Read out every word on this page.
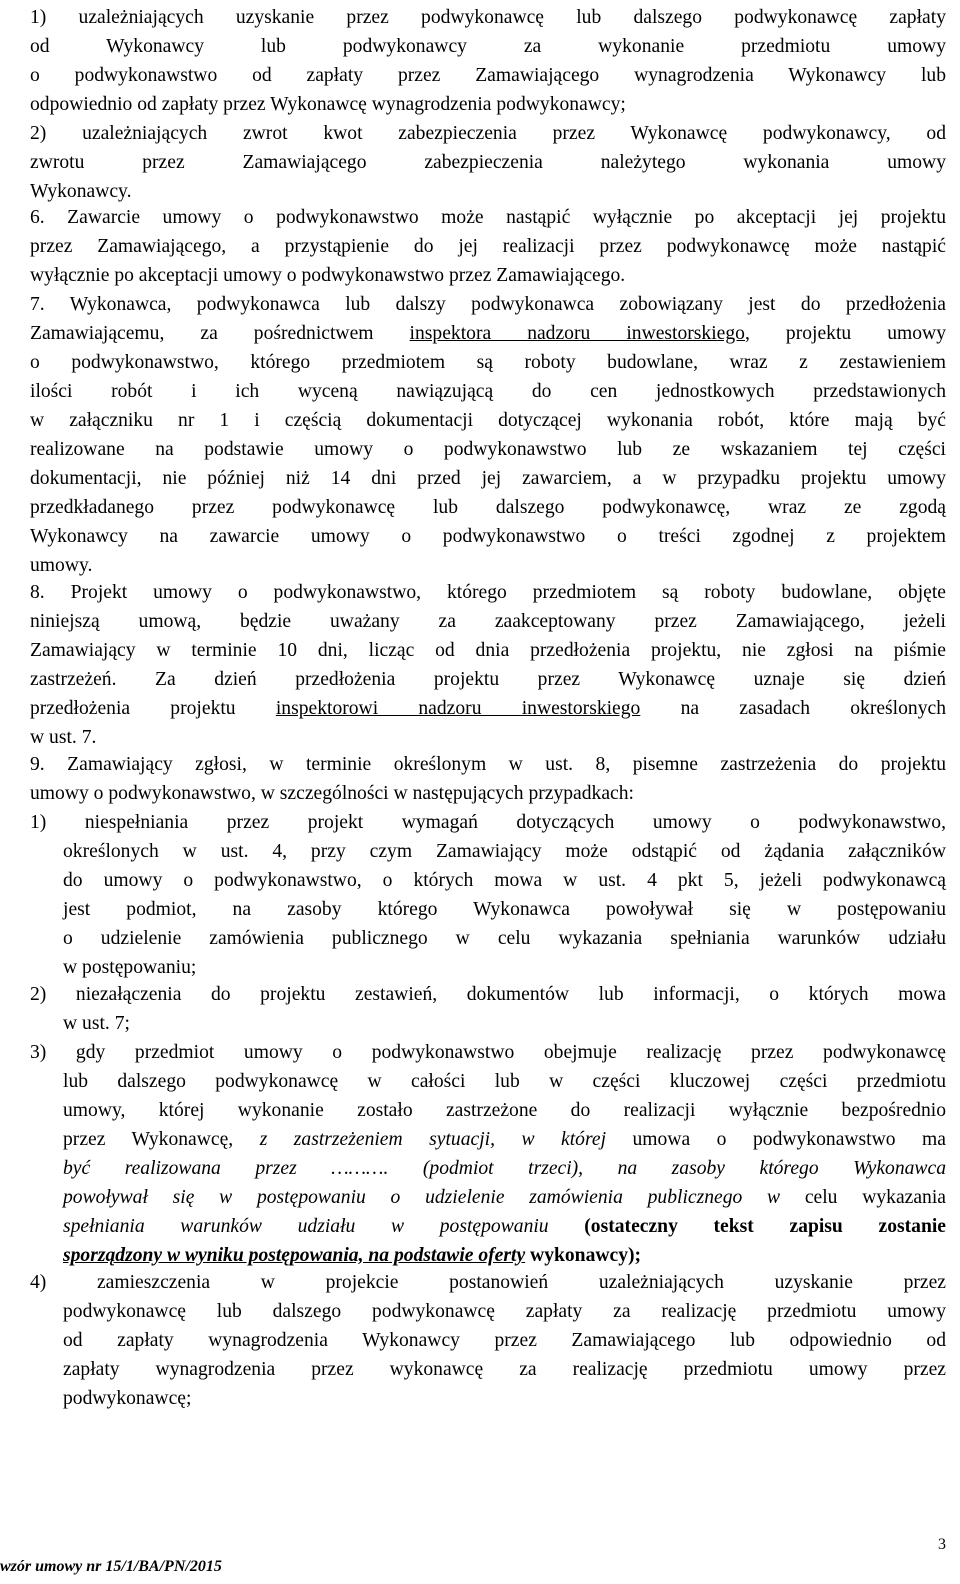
1) uzależniających uzyskanie przez podwykonawcę lub dalszego podwykonawcę zapłaty
od Wykonawcy lub podwykonawcy za wykonanie przedmiotu umowy
o podwykonawstwo od zapłaty przez Zamawiającego wynagrodzenia Wykonawcy lub
odpowiednio od zapłaty przez Wykonawcę wynagrodzenia podwykonawcy;
2) uzależniających zwrot kwot zabezpieczenia przez Wykonawcę podwykonawcy, od
zwrotu przez Zamawiającego zabezpieczenia należytego wykonania umowy
Wykonawcy.
6. Zawarcie umowy o podwykonawstwo może nastąpić wyłącznie po akceptacji jej projektu
przez Zamawiającego, a przystąpienie do jej realizacji przez podwykonawcę może nastąpić
wyłącznie po akceptacji umowy o podwykonawstwo przez Zamawiającego.
7. Wykonawca, podwykonawca lub dalszy podwykonawca zobowiązany jest do przedłożenia
Zamawiającemu, za pośrednictwem inspektora nadzoru inwestorskiego, projektu umowy
o podwykonawstwo, którego przedmiotem są roboty budowlane, wraz z zestawieniem
ilości robót i ich wyceną nawiązującą do cen jednostkowych przedstawionych
w załączniku nr 1 i częścią dokumentacji dotyczącej wykonania robót, które mają być
realizowane na podstawie umowy o podwykonawstwo lub ze wskazaniem tej części
dokumentacji, nie później niż 14 dni przed jej zawarciem, a w przypadku projektu umowy
przedkładanego przez podwykonawcę lub dalszego podwykonawcę, wraz ze zgodą
Wykonawcy na zawarcie umowy o podwykonawstwo o treści zgodnej z projektem
umowy.
8. Projekt umowy o podwykonawstwo, którego przedmiotem są roboty budowlane, objęte
niniejszą umową, będzie uważany za zaakceptowany przez Zamawiającego, jeżeli
Zamawiający w terminie 10 dni, licząc od dnia przedłożenia projektu, nie zgłosi na piśmie
zastrzeżeń. Za dzień przedłożenia projektu przez Wykonawcę uznaje się dzień
przedłożenia projektu inspektorowi nadzoru inwestorskiego na zasadach określonych
w ust. 7.
9. Zamawiający zgłosi, w terminie określonym w ust. 8, pisemne zastrzeżenia do projektu
umowy o podwykonawstwo, w szczególności w następujących przypadkach:
1) niespełniania przez projekt wymagań dotyczących umowy o podwykonawstwo,
określonych w ust. 4, przy czym Zamawiający może odstąpić od żądania załączników
do umowy o podwykonawstwo, o których mowa w ust. 4 pkt 5, jeżeli podwykonawcą
jest podmiot, na zasoby którego Wykonawca powoływał się w postępowaniu
o udzielenie zamówienia publicznego w celu wykazania spełniania warunków udziału
w postępowaniu;
2) niezałączenia do projektu zestawień, dokumentów lub informacji, o których mowa
w ust. 7;
3) gdy przedmiot umowy o podwykonawstwo obejmuje realizację przez podwykonawcę
lub dalszego podwykonawcę w całości lub w części kluczowej części przedmiotu
umowy, której wykonanie zostało zastrzeżone do realizacji wyłącznie bezpośrednio
przez Wykonawcę, z zastrzeżeniem sytuacji, w której umowa o podwykonawstwo ma
być realizowana przez ………. (podmiot trzeci), na zasoby którego Wykonawca
powoływał się w postępowaniu o udzielenie zamówienia publicznego w celu wykazania
spełniania warunków udziału w postępowaniu (ostateczny tekst zapisu zostanie
sporządzony w wyniku postępowania, na podstawie oferty wykonawcy);
4) zamieszczenia w projekcie postanowień uzależniających uzyskanie przez
podwykonawcę lub dalszego podwykonawcę zapłaty za realizację przedmiotu umowy
od zapłaty wynagrodzenia Wykonawcy przez Zamawiającego lub odpowiednio od
zapłaty wynagrodzenia przez wykonawcę za realizację przedmiotu umowy przez
podwykonawcę;
3
wzór umowy nr 15/1/BA/PN/2015
